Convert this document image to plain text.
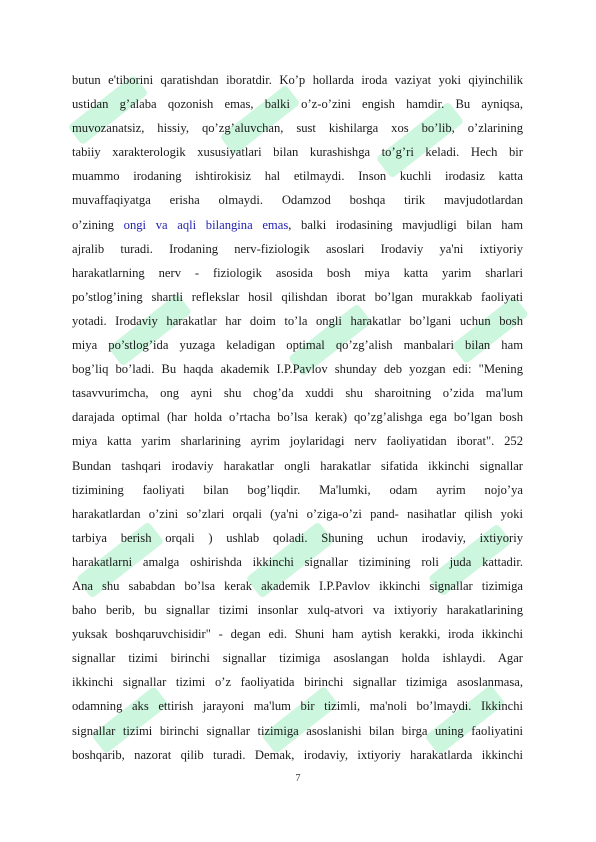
butun e'tiborini qaratishdan iboratdir. Ko’p hollarda iroda vaziyat yoki qiyinchilik
ustidan g’alaba qozonish emas, balki o’z-o’zini engish hamdir. Bu ayniqsa,
muvozanatsiz, hissiy, qo’zg’aluvchan, sust kishilarga xos bo’lib, o’zlarining
tabiiy xarakterologik xususiyatlari bilan kurashishga to’g’ri keladi. Hech bir
muammo irodaning ishtirokisiz hal etilmaydi. Inson kuchli irodasiz katta
muvaffaqiyatga erisha olmaydi. Odamzod boshqa tirik mavjudotlardan
o’zining ongi va aqli bilangina emas, balki irodasining mavjudligi bilan ham
ajralib turadi. Irodaning nerv-fiziologik asoslari Irodaviy ya'ni ixtiyoriy
harakatlarning nerv - fiziologik asosida bosh miya katta yarim sharlari
po’stlog’ining shartli reflekslar hosil qilishdan iborat bo’lgan murakkab faoliyati
yotadi. Irodaviy harakatlar har doim to’la ongli harakatlar bo’lgani uchun bosh
miya po’stlog’ida yuzaga keladigan optimal qo’zg’alish manbalari bilan ham
bog’liq bo’ladi. Bu haqda akademik I.P.Pavlov shunday deb yozgan edi: "Mening
tasavvurimcha, ong ayni shu chog’da xuddi shu sharoitning o’zida ma'lum
darajada optimal (har holda o’rtacha bo’lsa kerak) qo’zg’alishga ega bo’lgan bosh
miya katta yarim sharlarining ayrim joylaridagi nerv faoliyatidan iborat". 252
Bundan tashqari irodaviy harakatlar ongli harakatlar sifatida ikkinchi signallar
tizimining faoliyati bilan bog’liqdir. Ma'lumki, odam ayrim nojo’ya
harakatlardan o’zini so’zlari orqali (ya'ni o’ziga-o’zi pand- nasihatlar qilish yoki
tarbiya berish orqali ) ushlab qoladi. Shuning uchun irodaviy, ixtiyoriy
harakatlarni amalga oshirishda ikkinchi signallar tizimining roli juda kattadir.
Ana shu sababdan bo’lsa kerak akademik I.P.Pavlov ikkinchi signallar tizimiga
baho berib, bu signallar tizimi insonlar xulq-atvori va ixtiyoriy harakatlarining
yuksak boshqaruvchisidir" - degan edi. Shuni ham aytish kerakki, iroda ikkinchi
signallar tizimi birinchi signallar tizimiga asoslangan holda ishlaydi. Agar
ikkinchi signallar tizimi o’z faoliyatida birinchi signallar tizimiga asoslanmasa,
odamning aks ettirish jarayoni ma'lum bir tizimli, ma'noli bo’lmaydi. Ikkinchi
signallar tizimi birinchi signallar tizimiga asoslanishi bilan birga uning faoliyatini
boshqarib, nazorat qilib turadi. Demak, irodaviy, ixtiyoriy harakatlarda ikkinchi
7
